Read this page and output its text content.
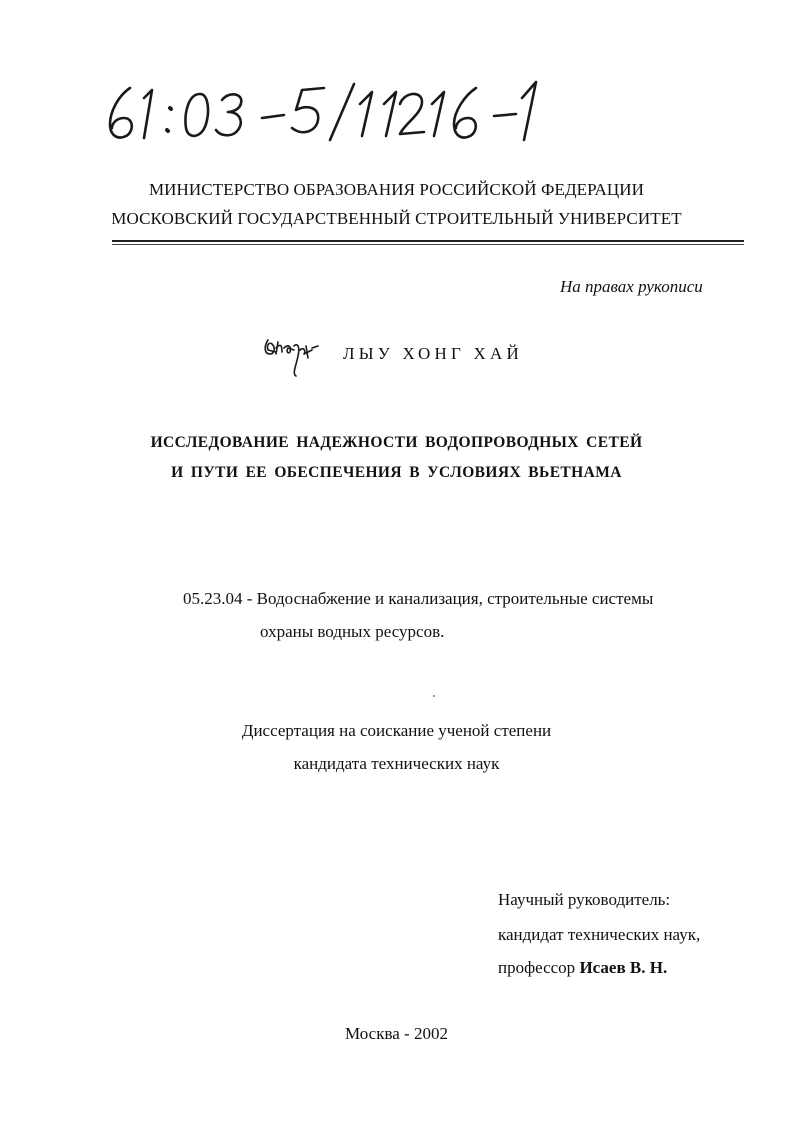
МИНИСТЕРСТВО ОБРАЗОВАНИЯ РОССИЙСКОЙ ФЕДЕРАЦИИ
МОСКОВСКИЙ ГОСУДАРСТВЕННЫЙ СТРОИТЕЛЬНЫЙ УНИВЕРСИТЕТ
На правах рукописи
ЛЫУ ХОНГ ХАЙ
ИССЛЕДОВАНИЕ НАДЕЖНОСТИ ВОДОПРОВОДНЫХ СЕТЕЙ
И ПУТИ ЕЕ ОБЕСПЕЧЕНИЯ В УСЛОВИЯХ ВЬЕТНАМА
05.23.04 - Водоснабжение и канализация, строительные системы
охраны водных ресурсов.
Диссертация на соискание ученой степени
кандидата технических наук
Научный руководитель:
кандидат технических наук,
профессор Исаев В. Н.
Москва - 2002
